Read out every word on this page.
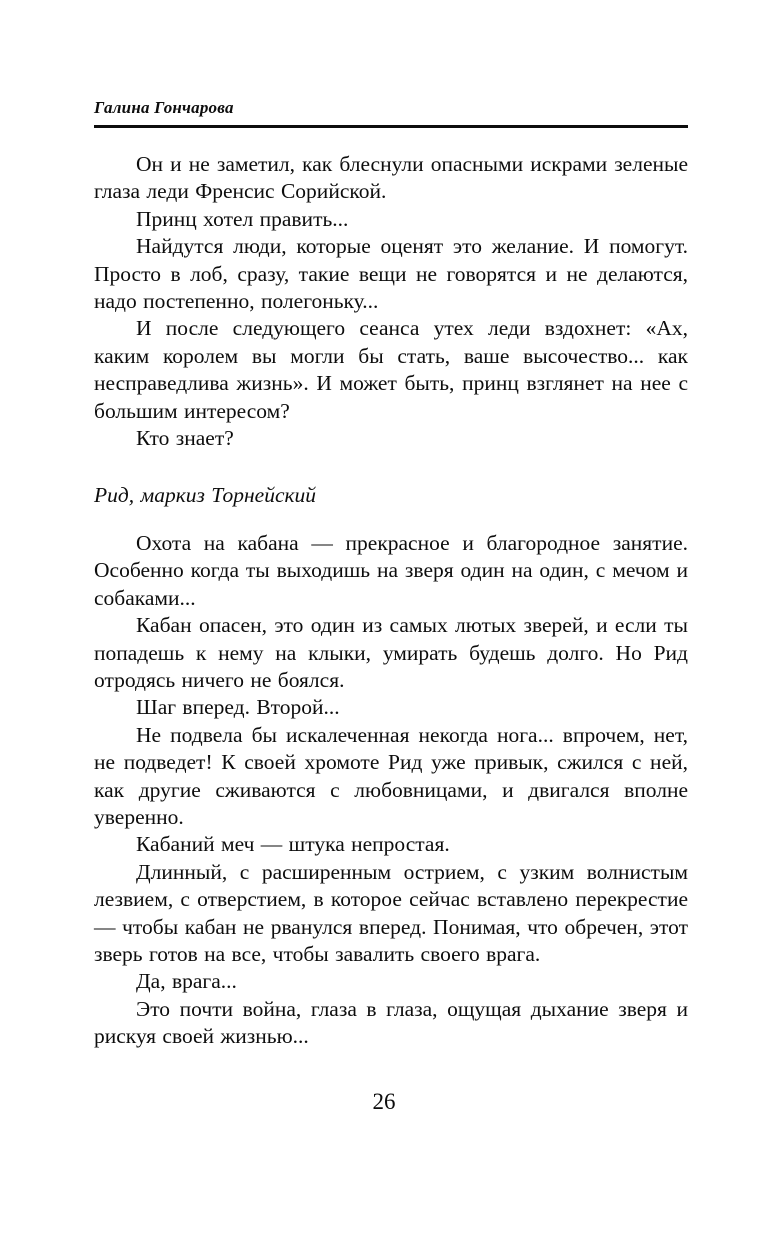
Галина Гончарова

Он и не заметил, как блеснули опасными искрами зеленые глаза леди Френсис Сорийской.

Принц хотел править...

Найдутся люди, которые оценят это желание. И помогут. Просто в лоб, сразу, такие вещи не говорятся и не делаются, надо постепенно, полегоньку...

И после следующего сеанса утех леди вздохнет: «Ах, каким королем вы могли бы стать, ваше высочество... как несправедлива жизнь». И может быть, принц взглянет на нее с большим интересом?

Кто знает?

Рид, маркиз Торнейский

Охота на кабана — прекрасное и благородное занятие. Особенно когда ты выходишь на зверя один на один, с мечом и собаками...

Кабан опасен, это один из самых лютых зверей, и если ты попадешь к нему на клыки, умирать будешь долго. Но Рид отродясь ничего не боялся.

Шаг вперед. Второй...

Не подвела бы искалеченная некогда нога... впрочем, нет, не подведет! К своей хромоте Рид уже привык, сжился с ней, как другие сживаются с любовницами, и двигался вполне уверенно.

Кабаний меч — штука непростая.

Длинный, с расширенным острием, с узким волнистым лезвием, с отверстием, в которое сейчас вставлено перекрестие — чтобы кабан не рванулся вперед. Понимая, что обречен, этот зверь готов на все, чтобы завалить своего врага.

Да, врага...

Это почти война, глаза в глаза, ощущая дыхание зверя и рискуя своей жизнью...

26
